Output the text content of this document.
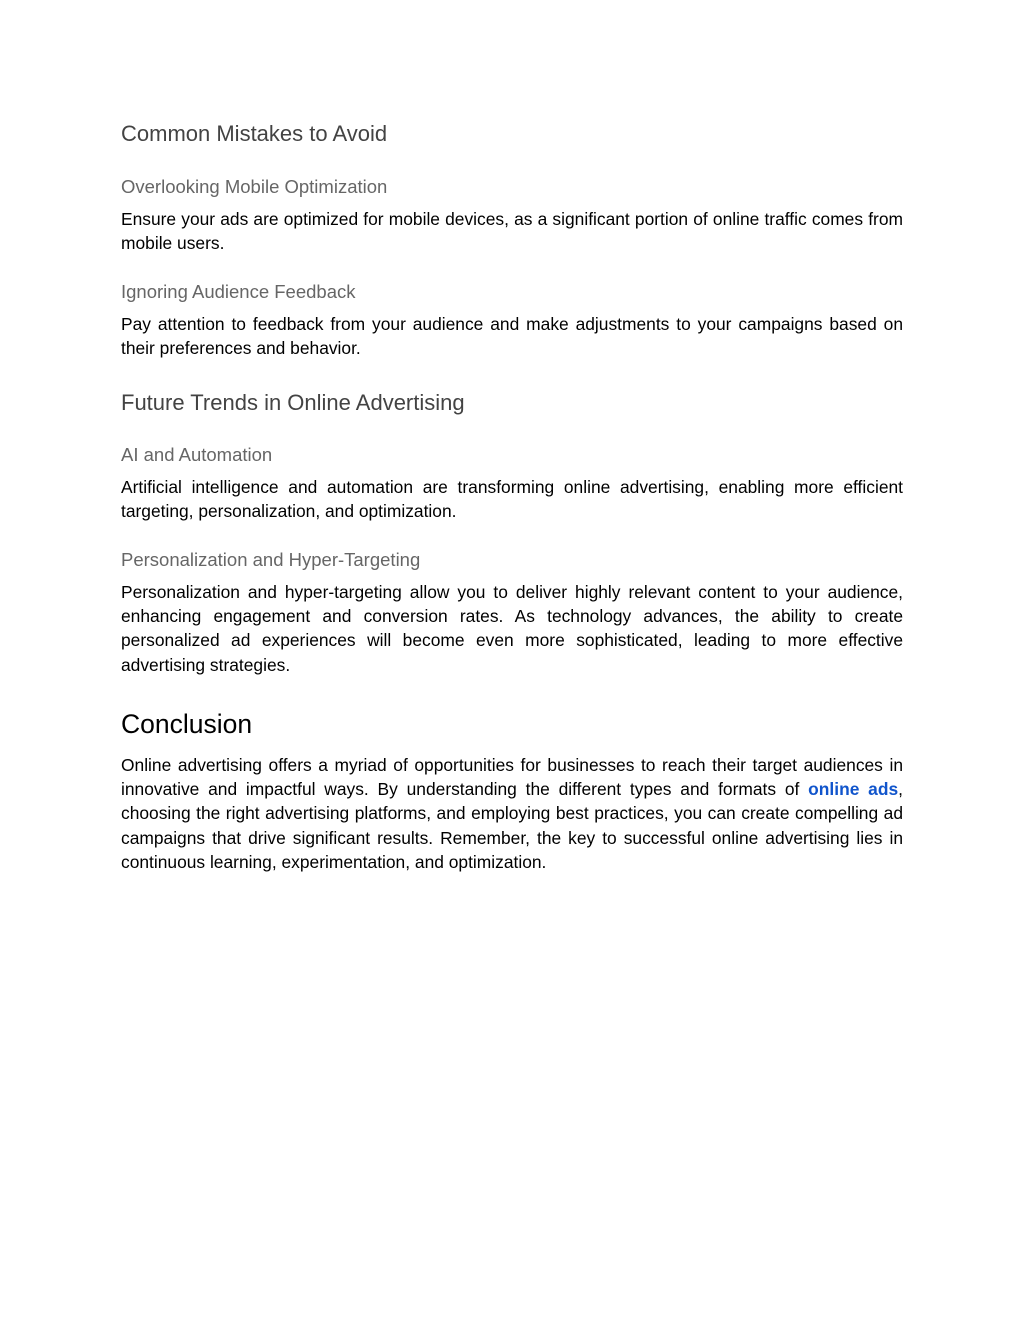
Common Mistakes to Avoid
Overlooking Mobile Optimization

Ensure your ads are optimized for mobile devices, as a significant portion of online traffic comes from mobile users.

Ignoring Audience Feedback

Pay attention to feedback from your audience and make adjustments to your campaigns based on their preferences and behavior.

Future Trends in Online Advertising
AI and Automation

Artificial intelligence and automation are transforming online advertising, enabling more efficient targeting, personalization, and optimization.

Personalization and Hyper-Targeting

Personalization and hyper-targeting allow you to deliver highly relevant content to your audience, enhancing engagement and conversion rates. As technology advances, the ability to create personalized ad experiences will become even more sophisticated, leading to more effective advertising strategies.

Conclusion

Online advertising offers a myriad of opportunities for businesses to reach their target audiences in innovative and impactful ways. By understanding the different types and formats of online ads, choosing the right advertising platforms, and employing best practices, you can create compelling ad campaigns that drive significant results. Remember, the key to successful online advertising lies in continuous learning, experimentation, and optimization.
